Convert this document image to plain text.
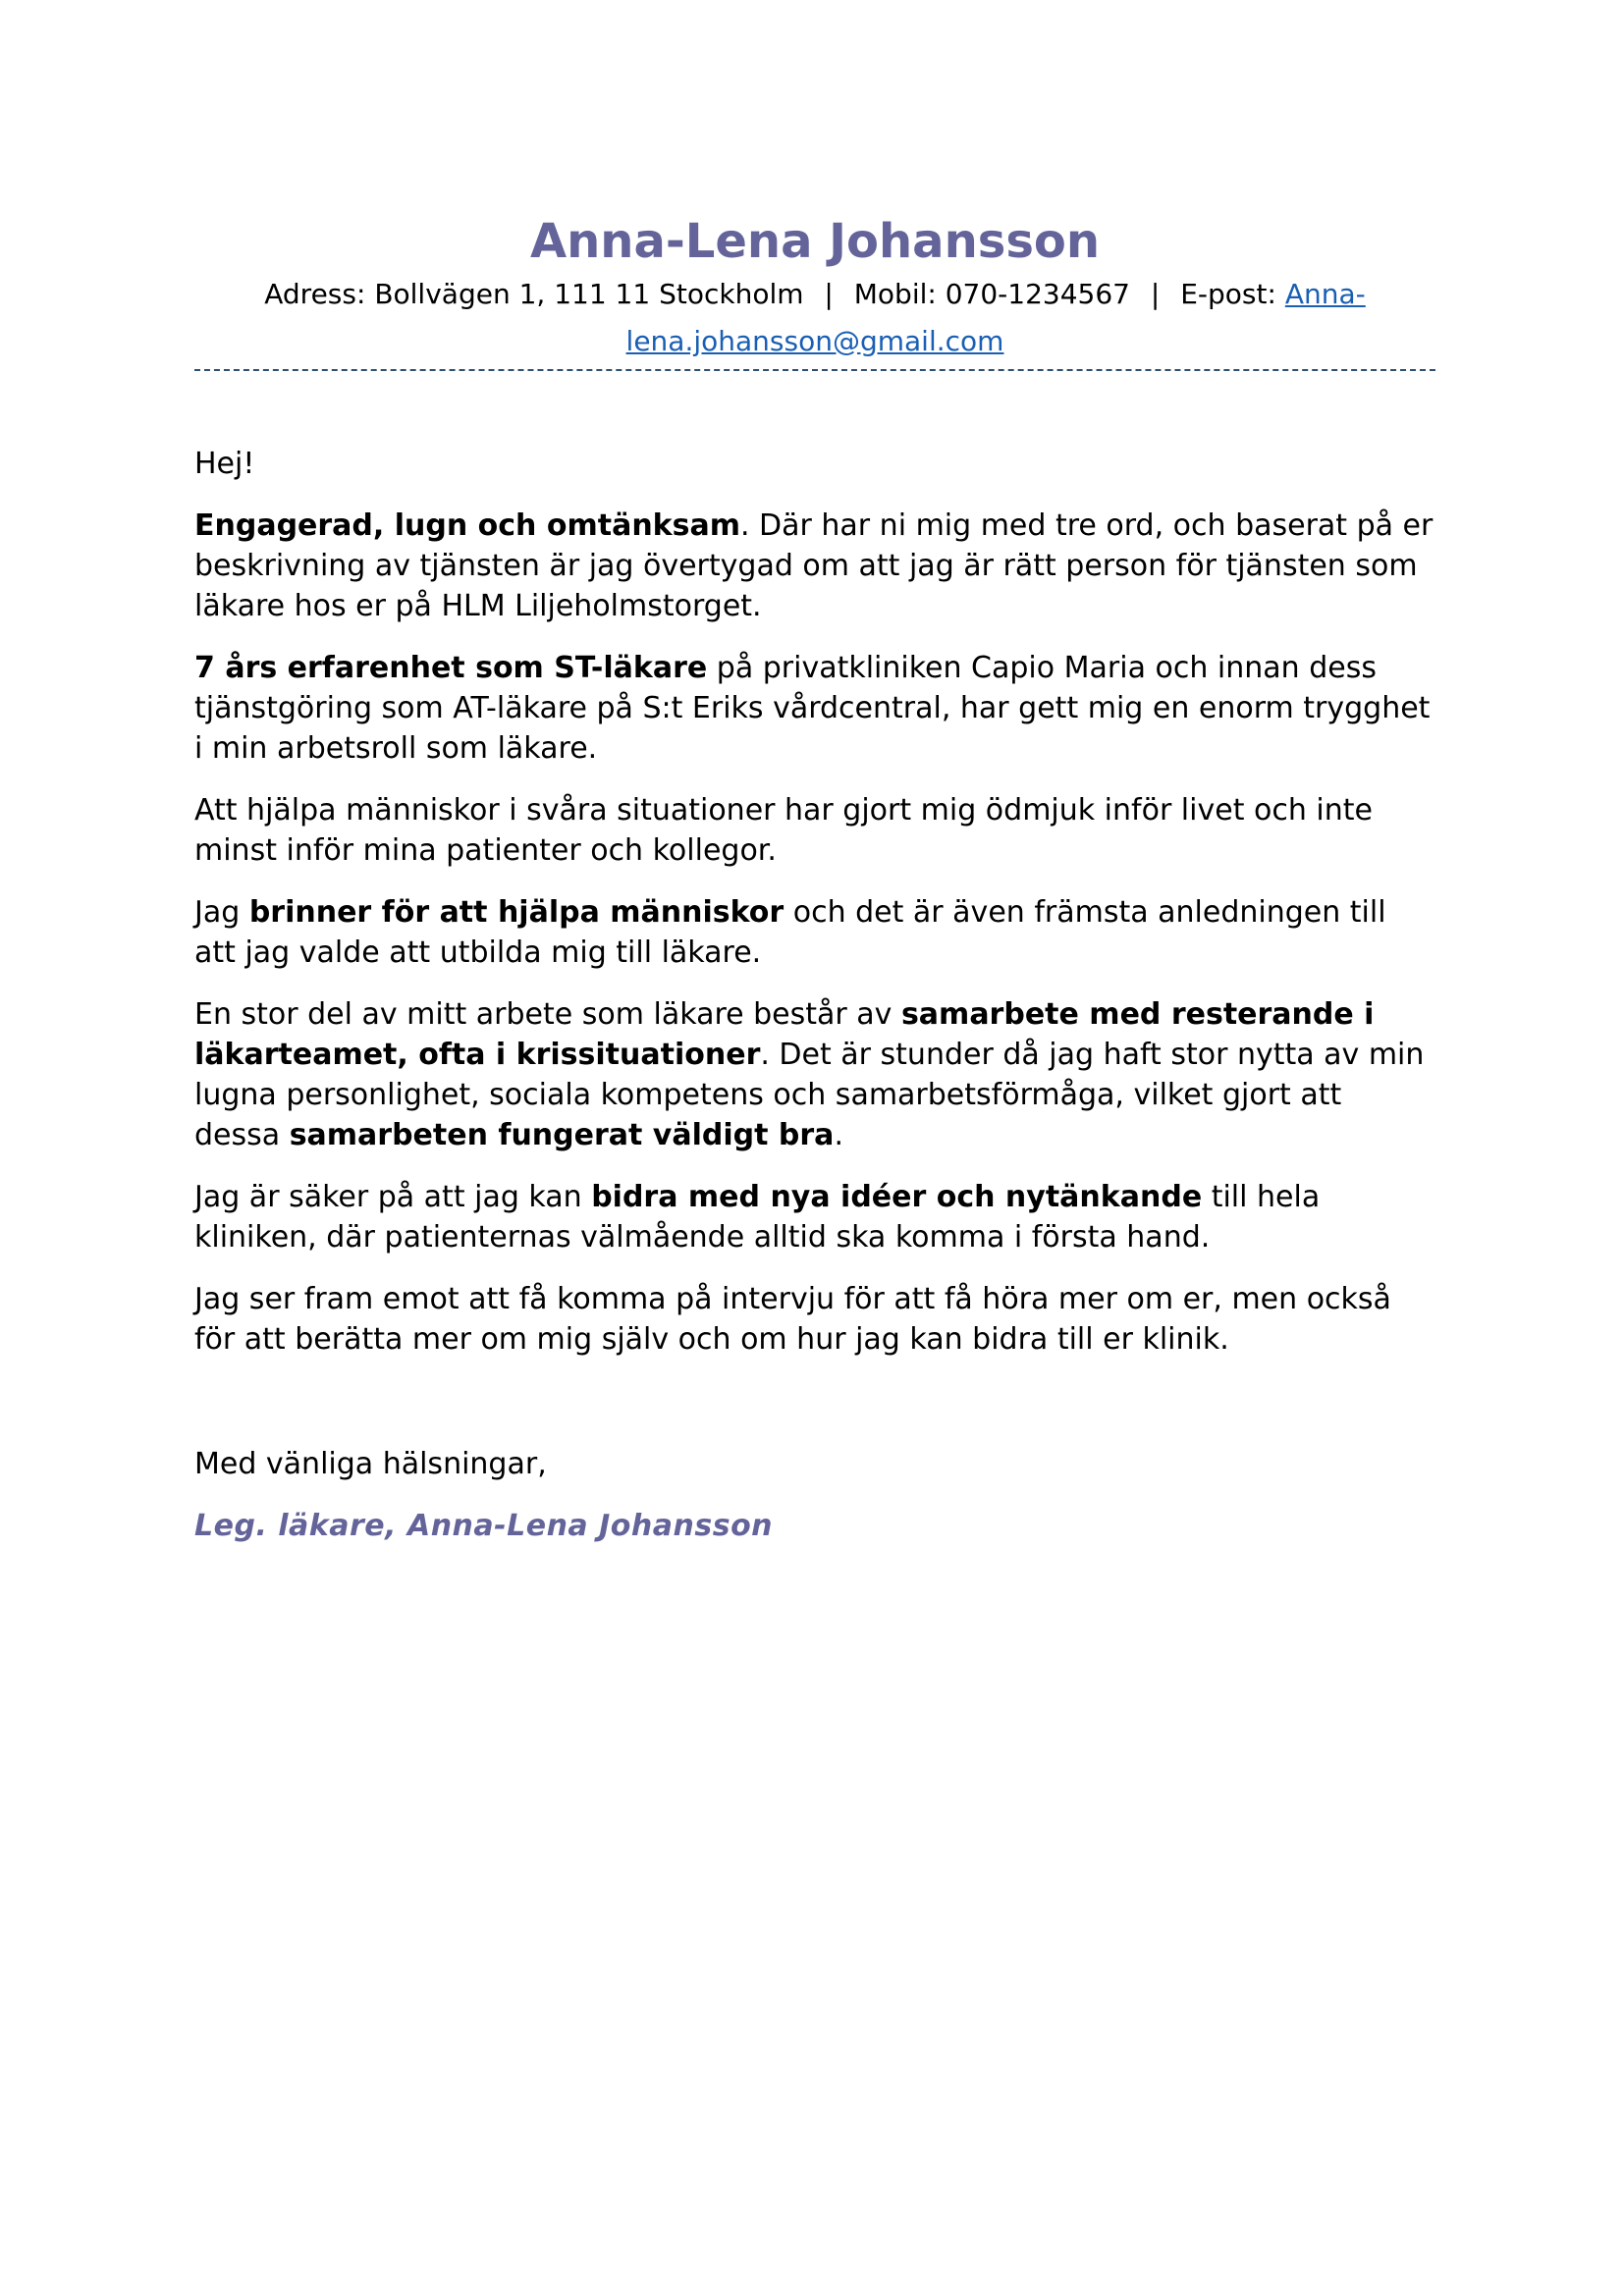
Anna-Lena Johansson
Adress: Bollvägen 1, 111 11 Stockholm | Mobil: 070-1234567 | E-post: Anna-lena.johansson@gmail.com

Hej!

Engagerad, lugn och omtänksam. Där har ni mig med tre ord, och baserat på er beskrivning av tjänsten är jag övertygad om att jag är rätt person för tjänsten som läkare hos er på HLM Liljeholmstorget.

7 års erfarenhet som ST-läkare på privatkliniken Capio Maria och innan dess tjänstgöring som AT-läkare på S:t Eriks vårdcentral, har gett mig en enorm trygghet i min arbetsroll som läkare.

Att hjälpa människor i svåra situationer har gjort mig ödmjuk inför livet och inte minst inför mina patienter och kollegor.

Jag brinner för att hjälpa människor och det är även främsta anledningen till att jag valde att utbilda mig till läkare.

En stor del av mitt arbete som läkare består av samarbete med resterande i läkarteamet, ofta i krissituationer. Det är stunder då jag haft stor nytta av min lugna personlighet, sociala kompetens och samarbetsförmåga, vilket gjort att dessa samarbeten fungerat väldigt bra.

Jag är säker på att jag kan bidra med nya idéer och nytänkande till hela kliniken, där patienternas välmående alltid ska komma i första hand.

Jag ser fram emot att få komma på intervju för att få höra mer om er, men också för att berätta mer om mig själv och om hur jag kan bidra till er klinik.

Med vänliga hälsningar,

Leg. läkare, Anna-Lena Johansson
